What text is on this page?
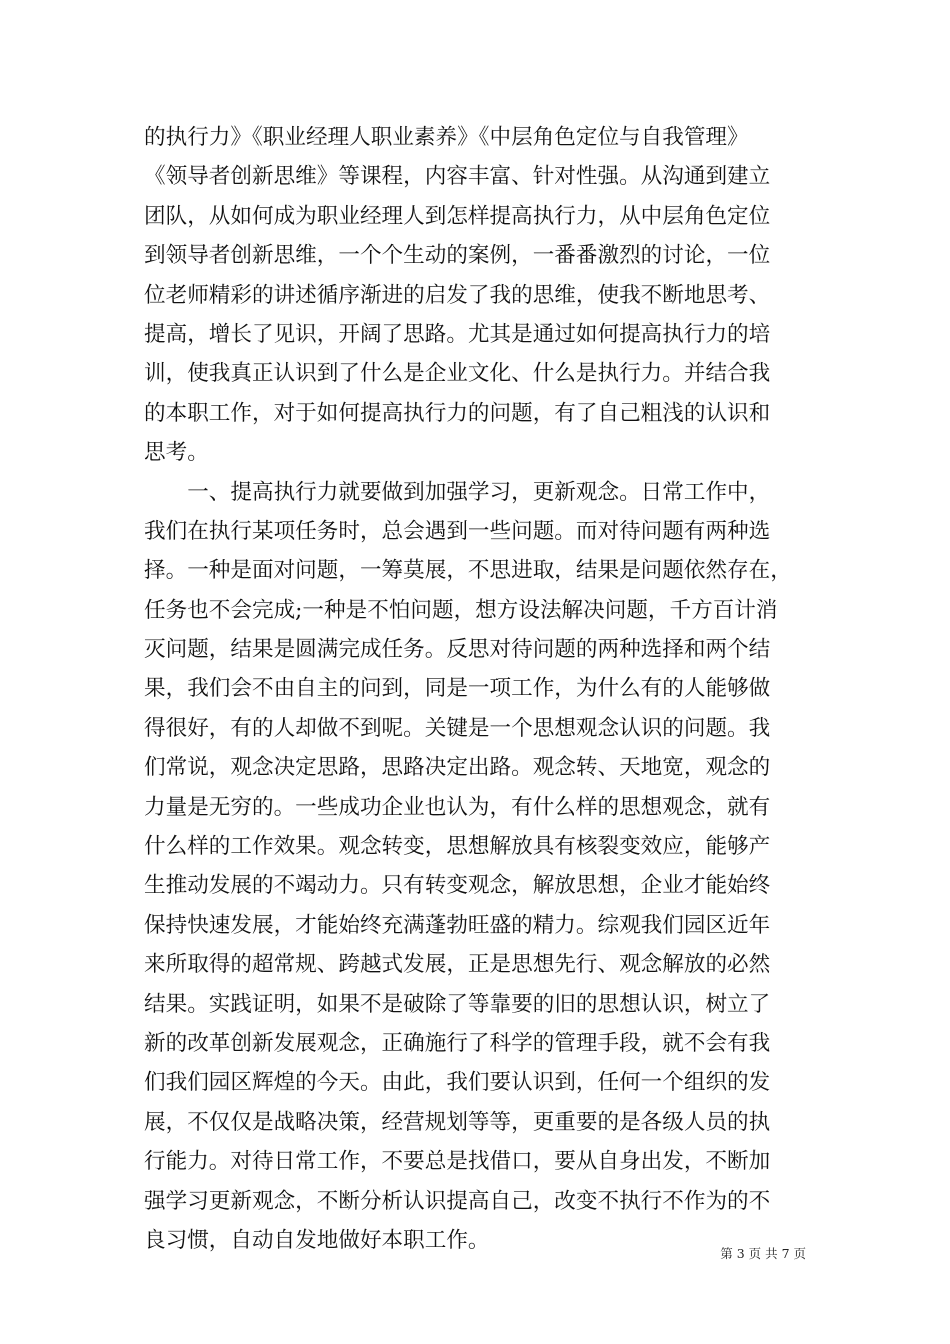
的执行力》《职业经理人职业素养》《中层角色定位与自我管理》
《领导者创新思维》等课程，内容丰富、针对性强。从沟通到建立
团队，从如何成为职业经理人到怎样提高执行力，从中层角色定位
到领导者创新思维，一个个生动的案例，一番番激烈的讨论，一位
位老师精彩的讲述循序渐进的启发了我的思维，使我不断地思考、
提高，增长了见识，开阔了思路。尤其是通过如何提高执行力的培
训，使我真正认识到了什么是企业文化、什么是执行力。并结合我
的本职工作，对于如何提高执行力的问题，有了自己粗浅的认识和
思考。
　　一、提高执行力就要做到加强学习，更新观念。日常工作中，
我们在执行某项任务时，总会遇到一些问题。而对待问题有两种选
择。一种是面对问题，一筹莫展，不思进取，结果是问题依然存在，
任务也不会完成;一种是不怕问题，想方设法解决问题，千方百计消
灭问题，结果是圆满完成任务。反思对待问题的两种选择和两个结
果，我们会不由自主的问到，同是一项工作，为什么有的人能够做
得很好，有的人却做不到呢。关键是一个思想观念认识的问题。我
们常说，观念决定思路，思路决定出路。观念转、天地宽，观念的
力量是无穷的。一些成功企业也认为，有什么样的思想观念，就有
什么样的工作效果。观念转变，思想解放具有核裂变效应，能够产
生推动发展的不竭动力。只有转变观念，解放思想，企业才能始终
保持快速发展，才能始终充满蓬勃旺盛的精力。综观我们园区近年
来所取得的超常规、跨越式发展，正是思想先行、观念解放的必然
结果。实践证明，如果不是破除了等靠要的旧的思想认识，树立了
新的改革创新发展观念，正确施行了科学的管理手段，就不会有我
们我们园区辉煌的今天。由此，我们要认识到，任何一个组织的发
展，不仅仅是战略决策，经营规划等等，更重要的是各级人员的执
行能力。对待日常工作，不要总是找借口，要从自身出发，不断加
强学习更新观念，不断分析认识提高自己，改变不执行不作为的不
良习惯，自动自发地做好本职工作。
第 3 页 共 7 页
